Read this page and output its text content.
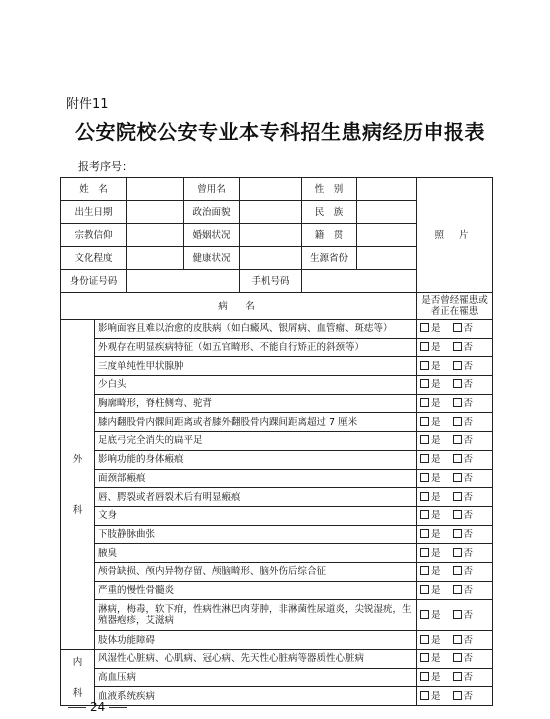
附件11
公安院校公安专业本专科招生患病经历申报表
报考序号：
姓　名			曾用名		性　别		照 片
出生日期			政治面貌		民　族		
宗教信仰			婚姻状况		籍　贯		
文化程度			健康状况		生源省份		
身份证号码				手机号码			
病　名							是否曾经罹患或者正在罹患

外
科	影响面容且难以治愈的皮肤病（如白癜风、银屑病、血管瘤、斑痣等）						是 否
	外观存在明显疾病特征（如五官畸形、不能自行矫正的斜颈等）						是 否
	三度单纯性甲状腺肿						是 否
	少白头						是 否
	胸廓畸形，脊柱侧弯、驼背						是 否
	膝内翻股骨内髁间距离或者膝外翻股骨内踝间距离超过 7 厘米						是 否
	足底弓完全消失的扁平足						是 否
	影响功能的身体瘢痕						是 否
	面颈部瘢痕						是 否
	唇、腭裂或者唇裂术后有明显瘢痕						是 否
	文身						是 否
	下肢静脉曲张						是 否
	腋臭						是 否
	颅骨缺损、颅内异物存留、颅脑畸形、脑外伤后综合征						是 否
	严重的慢性骨髓炎						是 否
	淋病，梅毒，软下疳，性病性淋巴肉芽肿，非淋菌性尿道炎，尖锐湿疣，生殖器疱疹，艾滋病						是 否
	肢体功能障碍						是 否

内
科	风湿性心脏病、心肌病、冠心病、先天性心脏病等器质性心脏病						是 否
	高血压病						是 否
	血液系统疾病						是 否
24
